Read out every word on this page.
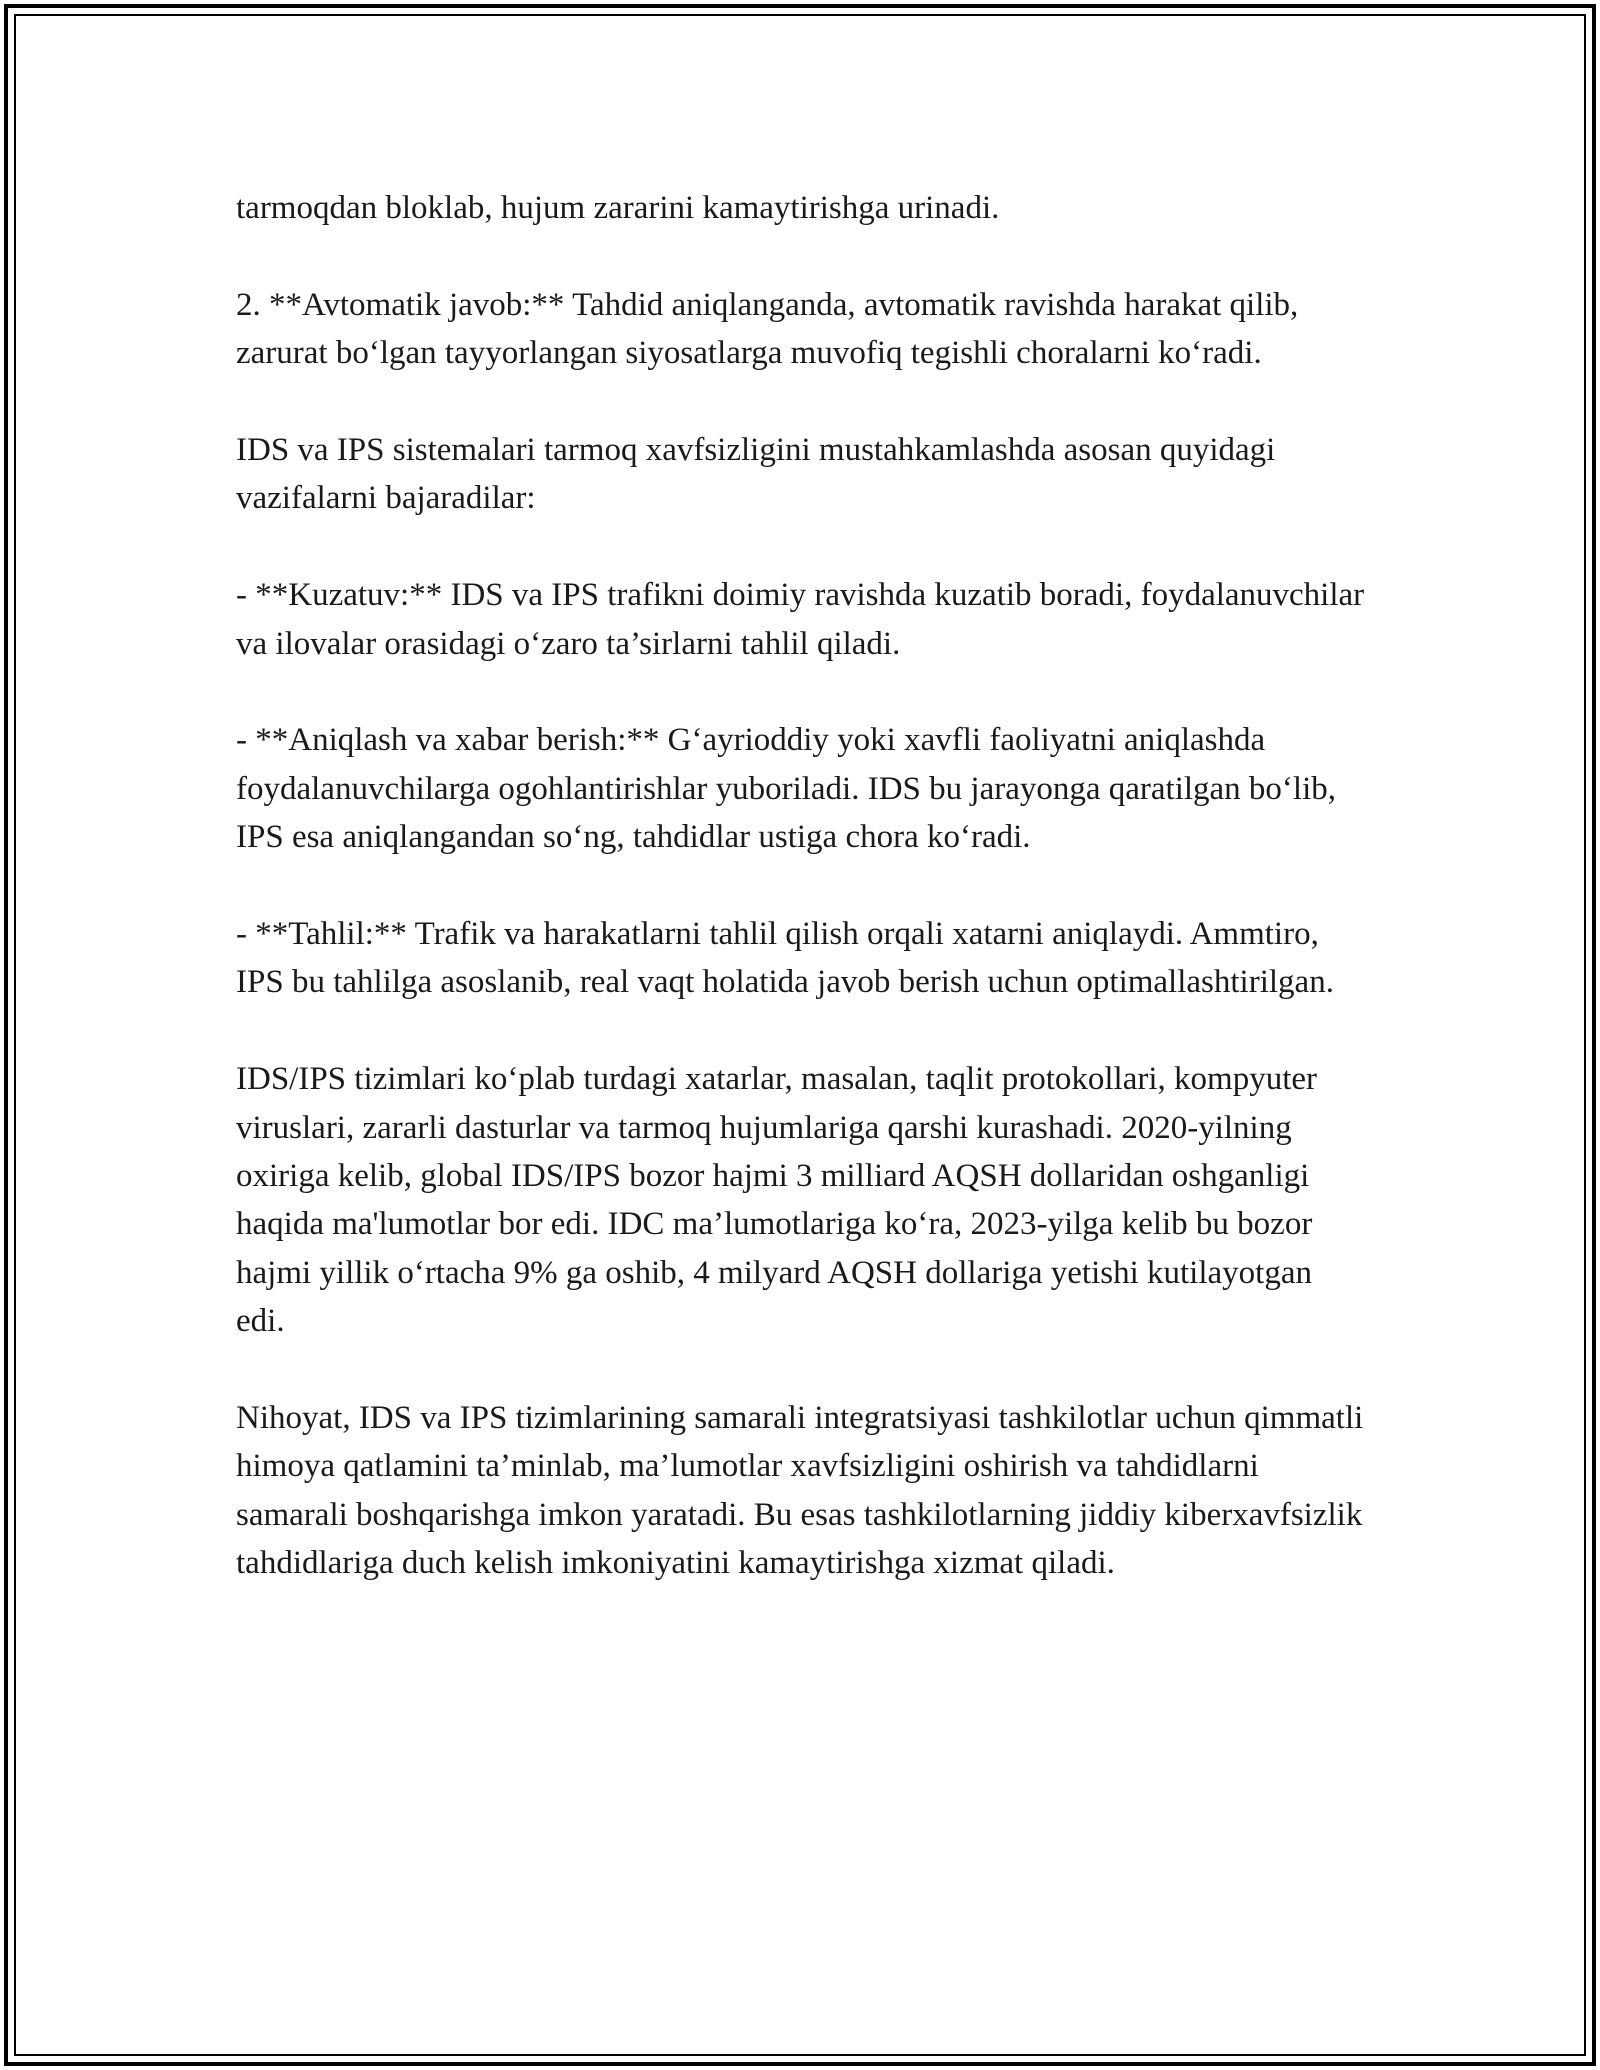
tarmoqdan bloklab, hujum zararini kamaytirishga urinadi.

2. **Avtomatik javob:** Tahdid aniqlanganda, avtomatik ravishda harakat qilib, zarurat bo‘lgan tayyorlangan siyosatlarga muvofiq tegishli choralarni ko‘radi.

IDS va IPS sistemalari tarmoq xavfsizligini mustahkamlashda asosan quyidagi vazifalarni bajaradilar:

- **Kuzatuv:** IDS va IPS trafikni doimiy ravishda kuzatib boradi, foydalanuvchilar va ilovalar orasidagi o‘zaro ta’sirlarni tahlil qiladi.

- **Aniqlash va xabar berish:** G‘ayrioddiy yoki xavfli faoliyatni aniqlashda foydalanuvchilarga ogohlantirishlar yuboriladi. IDS bu jarayonga qaratilgan bo‘lib, IPS esa aniqlangandan so‘ng, tahdidlar ustiga chora ko‘radi.

- **Tahlil:** Trafik va harakatlarni tahlil qilish orqali xatarni aniqlaydi. Ammtiro, IPS bu tahlilga asoslanib, real vaqt holatida javob berish uchun optimallashtirilgan.

IDS/IPS tizimlari ko‘plab turdagi xatarlar, masalan, taqlit protokollari, kompyuter viruslari, zararli dasturlar va tarmoq hujumlariga qarshi kurashadi. 2020-yilning oxiriga kelib, global IDS/IPS bozor hajmi 3 milliard AQSH dollaridan oshganligi haqida ma'lumotlar bor edi. IDC ma’lumotlariga ko‘ra, 2023-yilga kelib bu bozor hajmi yillik o‘rtacha 9% ga oshib, 4 milyard AQSH dollariga yetishi kutilayotgan edi.

Nihoyat, IDS va IPS tizimlarining samarali integratsiyasi tashkilotlar uchun qimmatli himoya qatlamini ta’minlab, ma’lumotlar xavfsizligini oshirish va tahdidlarni samarali boshqarishga imkon yaratadi. Bu esas tashkilotlarning jiddiy kiberxavfsizlik tahdidlariga duch kelish imkoniyatini kamaytirishga xizmat qiladi.
